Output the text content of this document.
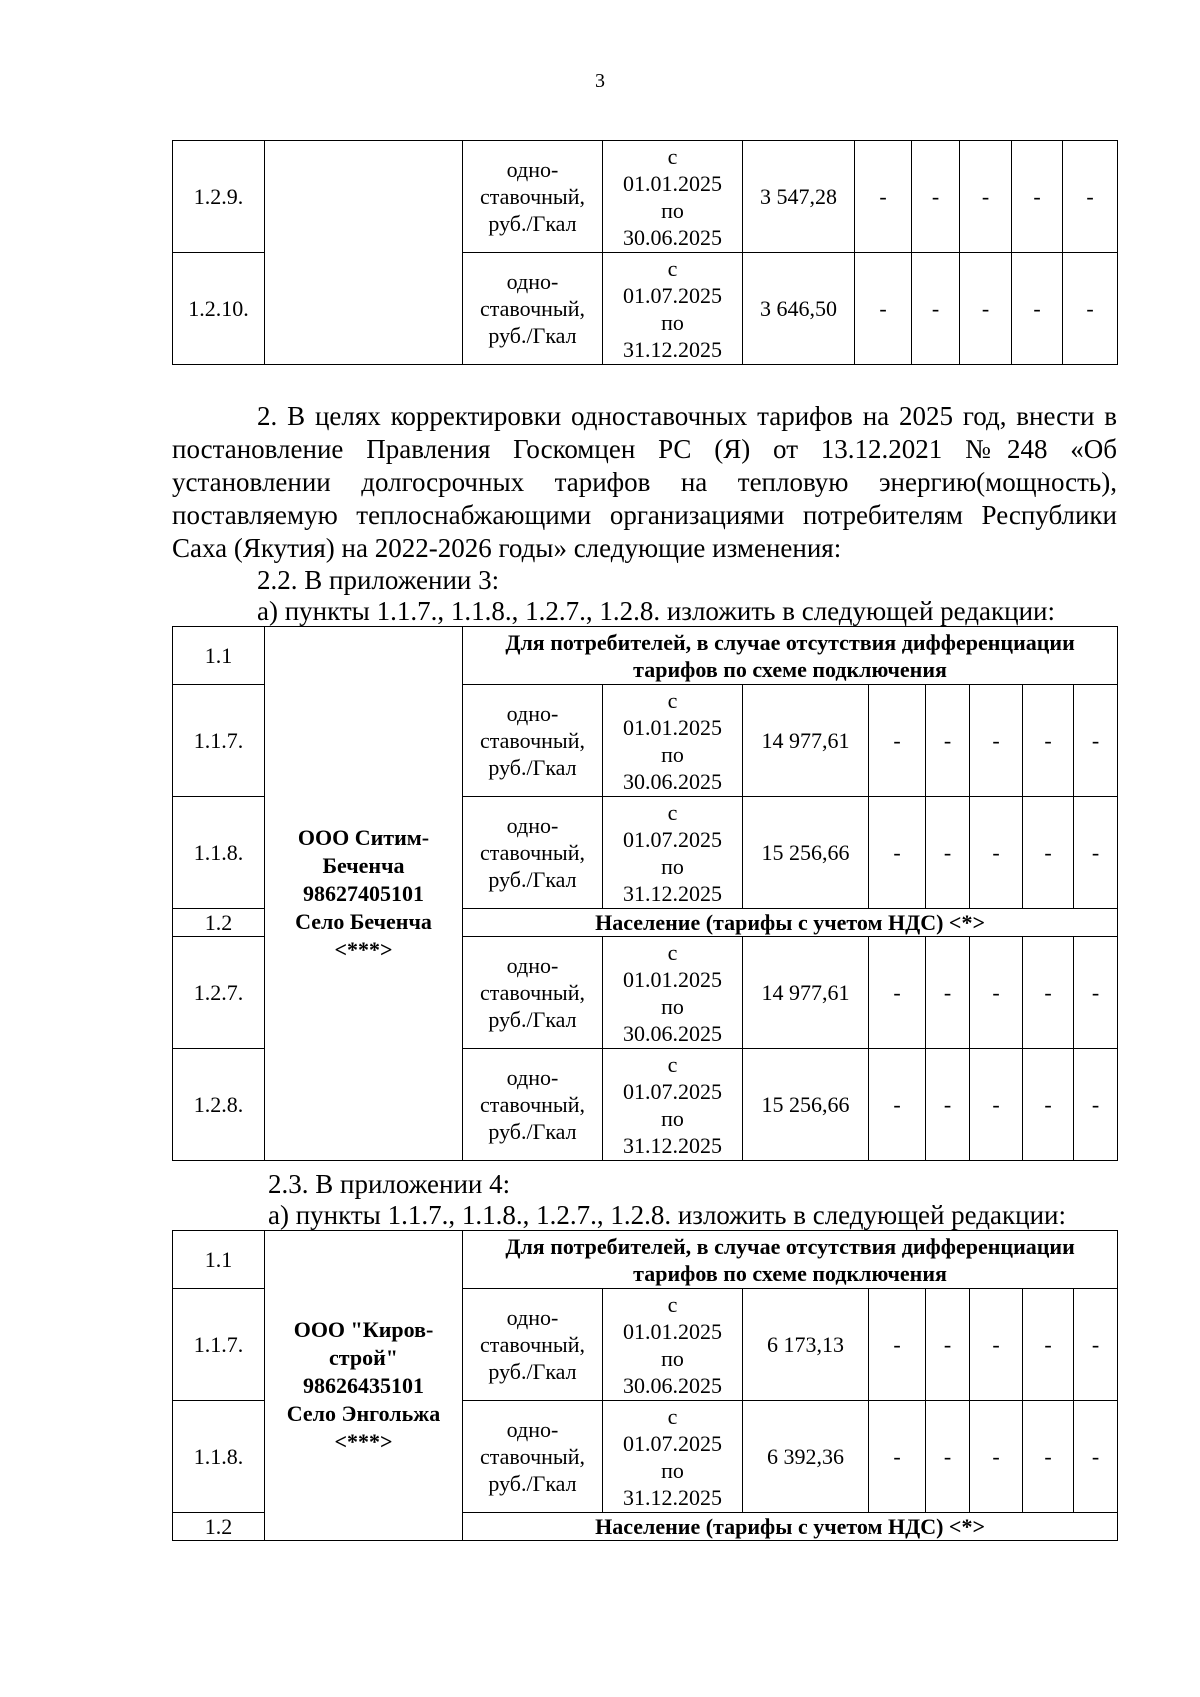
3
1.2.9.		одно-
ставочный,
руб./Гкал	с
01.01.2025
по
30.06.2025	3 547,28	-	-	-	-	-
1.2.10.		одно-
ставочный,
руб./Гкал	с
01.07.2025
по
31.12.2025	3 646,50	-	-	-	-	-
2. В целях корректировки одноставочных тарифов на 2025 год, внести в постановление Правления Госкомцен РС (Я) от 13.12.2021 №248 «Об установлении долгосрочных тарифов на тепловую энергию(мощность), поставляемую теплоснабжающими организациями потребителям Республики Саха (Якутия) на 2022-2026 годы» следующие изменения:
2.2. В приложении 3:
а) пункты 1.1.7., 1.1.8., 1.2.7., 1.2.8. изложить в следующей редакции:
1.1	ООО Ситим-
Беченча
98627405101
Село Беченча
<***>	Для потребителей, в случае отсутствия дифференциации тарифов по схеме подключения							
1.1.7.		одно-
ставочный,
руб./Гкал	с
01.01.2025
по
30.06.2025	14 977,61	-	-	-	-	-
1.1.8.		одно-
ставочный,
руб./Гкал	с
01.07.2025
по
31.12.2025	15 256,66	-	-	-	-	-
1.2		Население (тарифы с учетом НДС) <*>							
1.2.7.		одно-
ставочный,
руб./Гкал	с
01.01.2025
по
30.06.2025	14 977,61	-	-	-	-	-
1.2.8.		одно-
ставочный,
руб./Гкал	с
01.07.2025
по
31.12.2025	15 256,66	-	-	-	-	-
2.3. В приложении 4:
а) пункты 1.1.7., 1.1.8., 1.2.7., 1.2.8. изложить в следующей редакции:
1.1	ООО "Киров-
строй"
98626435101
Село Энгольжа
<***>	Для потребителей, в случае отсутствия дифференциации тарифов по схеме подключения							
1.1.7.		одно-
ставочный,
руб./Гкал	с
01.01.2025
по
30.06.2025	6 173,13	-	-	-	-	-
1.1.8.		одно-
ставочный,
руб./Гкал	с
01.07.2025
по
31.12.2025	6 392,36	-	-	-	-	-
1.2		Население (тарифы с учетом НДС) <*>							
